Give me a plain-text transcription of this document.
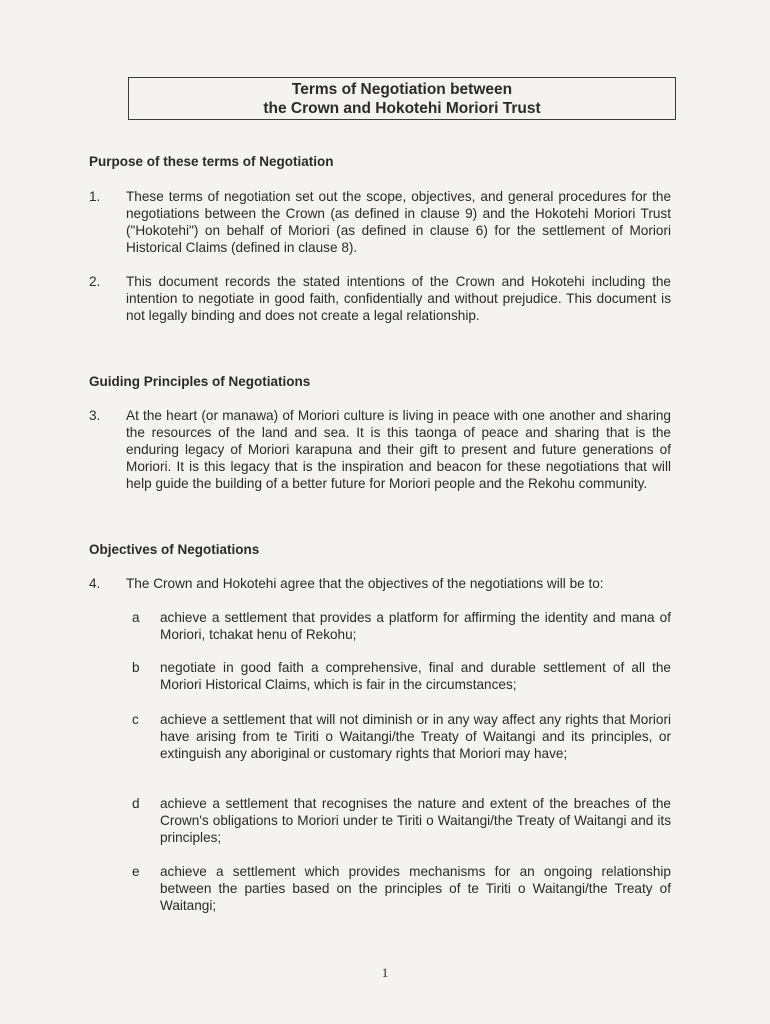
Terms of Negotiation between
the Crown and Hokotehi Moriori Trust
Purpose of these terms of Negotiation
1. These terms of negotiation set out the scope, objectives, and general procedures for the negotiations between the Crown (as defined in clause 9) and the Hokotehi Moriori Trust ("Hokotehi") on behalf of Moriori (as defined in clause 6) for the settlement of Moriori Historical Claims (defined in clause 8).
2. This document records the stated intentions of the Crown and Hokotehi including the intention to negotiate in good faith, confidentially and without prejudice. This document is not legally binding and does not create a legal relationship.
Guiding Principles of Negotiations
3. At the heart (or manawa) of Moriori culture is living in peace with one another and sharing the resources of the land and sea. It is this taonga of peace and sharing that is the enduring legacy of Moriori karapuna and their gift to present and future generations of Moriori. It is this legacy that is the inspiration and beacon for these negotiations that will help guide the building of a better future for Moriori people and the Rekohu community.
Objectives of Negotiations
4. The Crown and Hokotehi agree that the objectives of the negotiations will be to:
a achieve a settlement that provides a platform for affirming the identity and mana of Moriori, tchakat henu of Rekohu;
b negotiate in good faith a comprehensive, final and durable settlement of all the Moriori Historical Claims, which is fair in the circumstances;
c achieve a settlement that will not diminish or in any way affect any rights that Moriori have arising from te Tiriti o Waitangi/the Treaty of Waitangi and its principles, or extinguish any aboriginal or customary rights that Moriori may have;
d achieve a settlement that recognises the nature and extent of the breaches of the Crown's obligations to Moriori under te Tiriti o Waitangi/the Treaty of Waitangi and its principles;
e achieve a settlement which provides mechanisms for an ongoing relationship between the parties based on the principles of te Tiriti o Waitangi/the Treaty of Waitangi;
1
